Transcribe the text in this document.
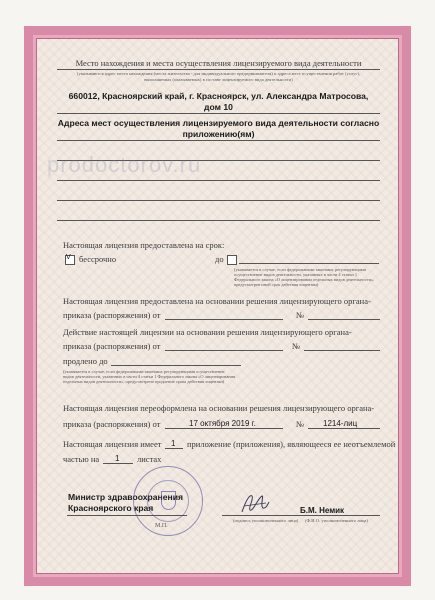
Место нахождения и места осуществления лицензируемого вида деятельности
(указываются адрес места нахождения (места жительства - для индивидуального предпринимателя) и адреса мест осуществления работ (услуг),
выполняемых (оказываемых) в составе лицензируемого вида деятельности)
660012, Красноярский край, г. Красноярск, ул. Александра Матросова,
дом 10
Адреса мест осуществления лицензируемого вида деятельности согласно
приложению(ям)
prodoctorov.ru
Настоящая лицензия предоставлена на срок:
V бессрочно	до
(указывается в случае, если федеральными законами, регулирующими
осуществление видов деятельности, указанных в части 4 статьи 1
Федерального закона «О лицензировании отдельных видов деятельности»,
предусмотрен иной срок действия лицензии)
Настоящая лицензия предоставлена на основании решения лицензирующего органа-
приказа (распоряжения) от	№
Действие настоящей лицензии на основании решения лицензирующего органа-
приказа (распоряжения) от	№
продлено до
(указывается в случае, если федеральными законами, регулирующими осуществление
видов деятельности, указанных в части 4 статьи 1 Федерального закона «О лицензировании
отдельных видов деятельности», предусмотрено продление срока действия лицензии)
Настоящая лицензия переоформлена на основании решения лицензирующего органа-
приказа (распоряжения) от	17 октября 2019 г.	№ 1214-лиц
Настоящая лицензия имеет 1 приложение (приложения), являющееся ее неотъемлемой
частью на 1 листах
Министр здравоохранения
Красноярского края
(подпись уполномоченного лица)
Б.М. Немик
(Ф.И.О. уполномоченного лица)
М.П.
